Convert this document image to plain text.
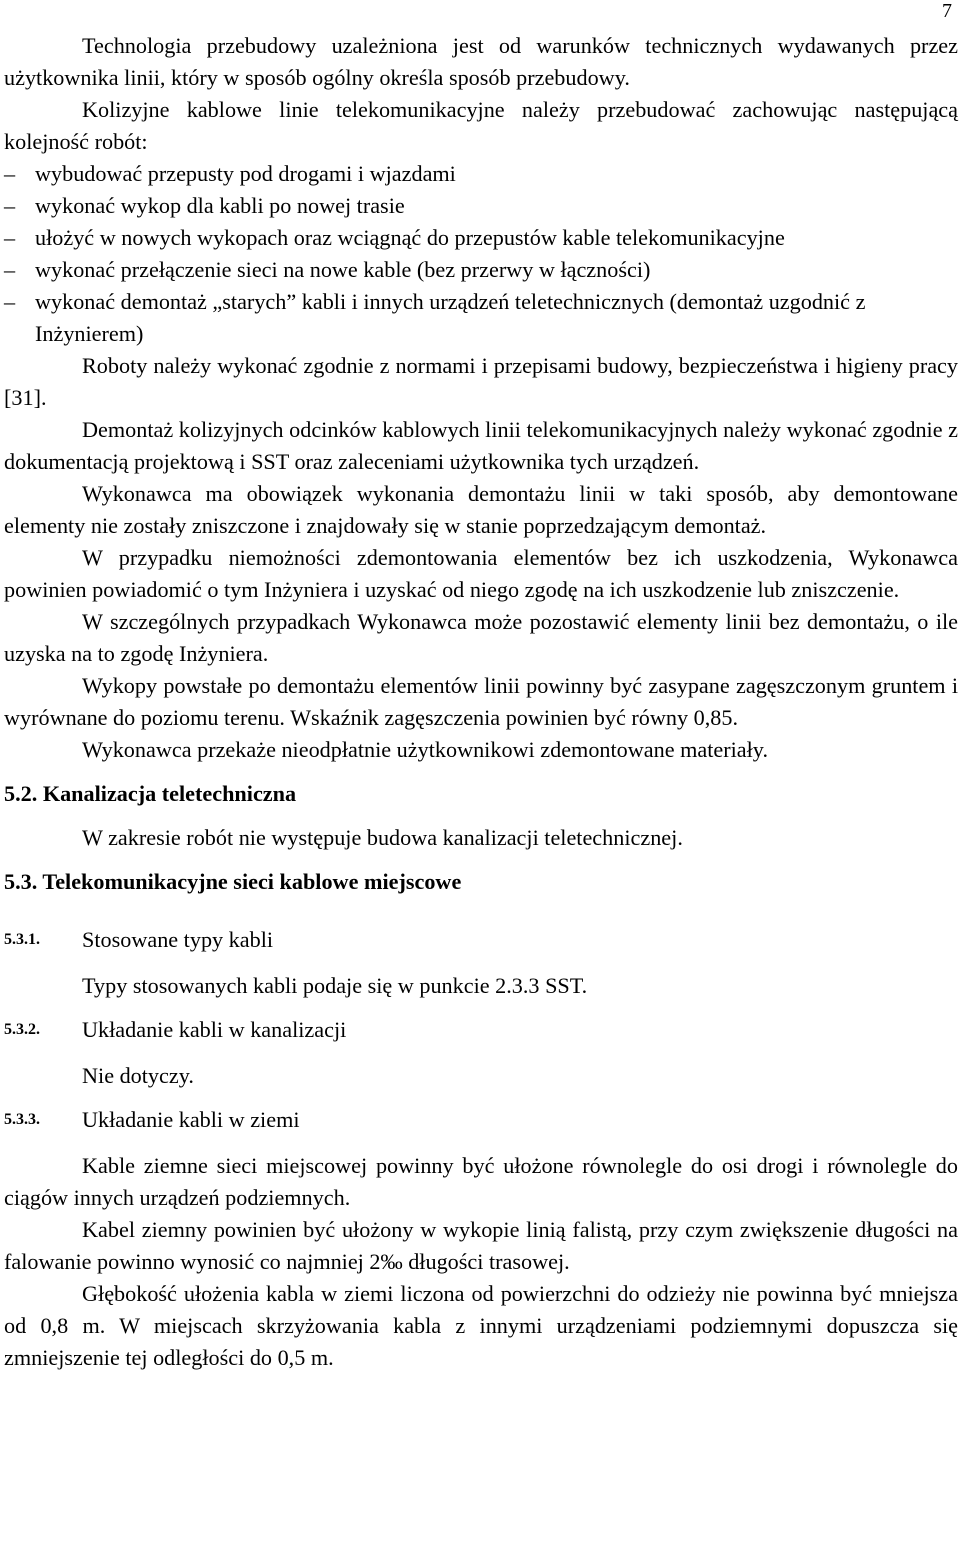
7

Technologia przebudowy uzależniona jest od warunków technicznych wydawanych przez użytkownika linii, który w sposób ogólny określa sposób przebudowy.

Kolizyjne kablowe linie telekomunikacyjne należy przebudować zachowując następującą kolejność robót:

– wybudować przepusty pod drogami i wjazdami
– wykonać wykop dla kabli po nowej trasie
– ułożyć w nowych wykopach oraz wciągnąć do przepustów kable telekomunikacyjne
– wykonać przełączenie sieci na nowe kable (bez przerwy w łączności)
– wykonać demontaż „starych” kabli i innych urządzeń teletechnicznych (demontaż uzgodnić z Inżynierem)

Roboty należy wykonać zgodnie z normami i przepisami budowy, bezpieczeństwa i higieny pracy [31].

Demontaż kolizyjnych odcinków kablowych linii telekomunikacyjnych należy wykonać zgodnie z dokumentacją projektową i SST oraz zaleceniami użytkownika tych urządzeń.

Wykonawca ma obowiązek wykonania demontażu linii w taki sposób, aby demontowane elementy nie zostały zniszczone i znajdowały się w stanie poprzedzającym demontaż.

W przypadku niemożności zdemontowania elementów bez ich uszkodzenia, Wykonawca powinien powiadomić o tym Inżyniera i uzyskać od niego zgodę na ich uszkodzenie lub zniszczenie.

W szczególnych przypadkach Wykonawca może pozostawić elementy linii bez demontażu, o ile uzyska na to zgodę Inżyniera.

Wykopy powstałe po demontażu elementów linii powinny być zasypane zagęszczonym gruntem i wyrównane do poziomu terenu. Wskaźnik zagęszczenia powinien być równy 0,85.

Wykonawca przekaże nieodpłatnie użytkownikowi zdemontowane materiały.

5.2. Kanalizacja teletechniczna

W zakresie robót nie występuje budowa kanalizacji teletechnicznej.

5.3. Telekomunikacyjne sieci kablowe miejscowe

5.3.1.	Stosowane typy kabli

Typy stosowanych kabli podaje się w punkcie 2.3.3 SST.

5.3.2.	Układanie kabli w kanalizacji

Nie dotyczy.

5.3.3.	Układanie kabli w ziemi

Kable ziemne sieci miejscowej powinny być ułożone równolegle do osi drogi i równolegle do ciągów innych urządzeń podziemnych.

Kabel ziemny powinien być ułożony w wykopie linią falistą, przy czym zwiększenie długości na falowanie powinno wynosić co najmniej 2‰ długości trasowej.

Głębokość ułożenia kabla w ziemi liczona od powierzchni do odzieży nie powinna być mniejsza od 0,8 m. W miejscach skrzyżowania kabla z innymi urządzeniami podziemnymi dopuszcza się zmniejszenie tej odległości do 0,5 m.
